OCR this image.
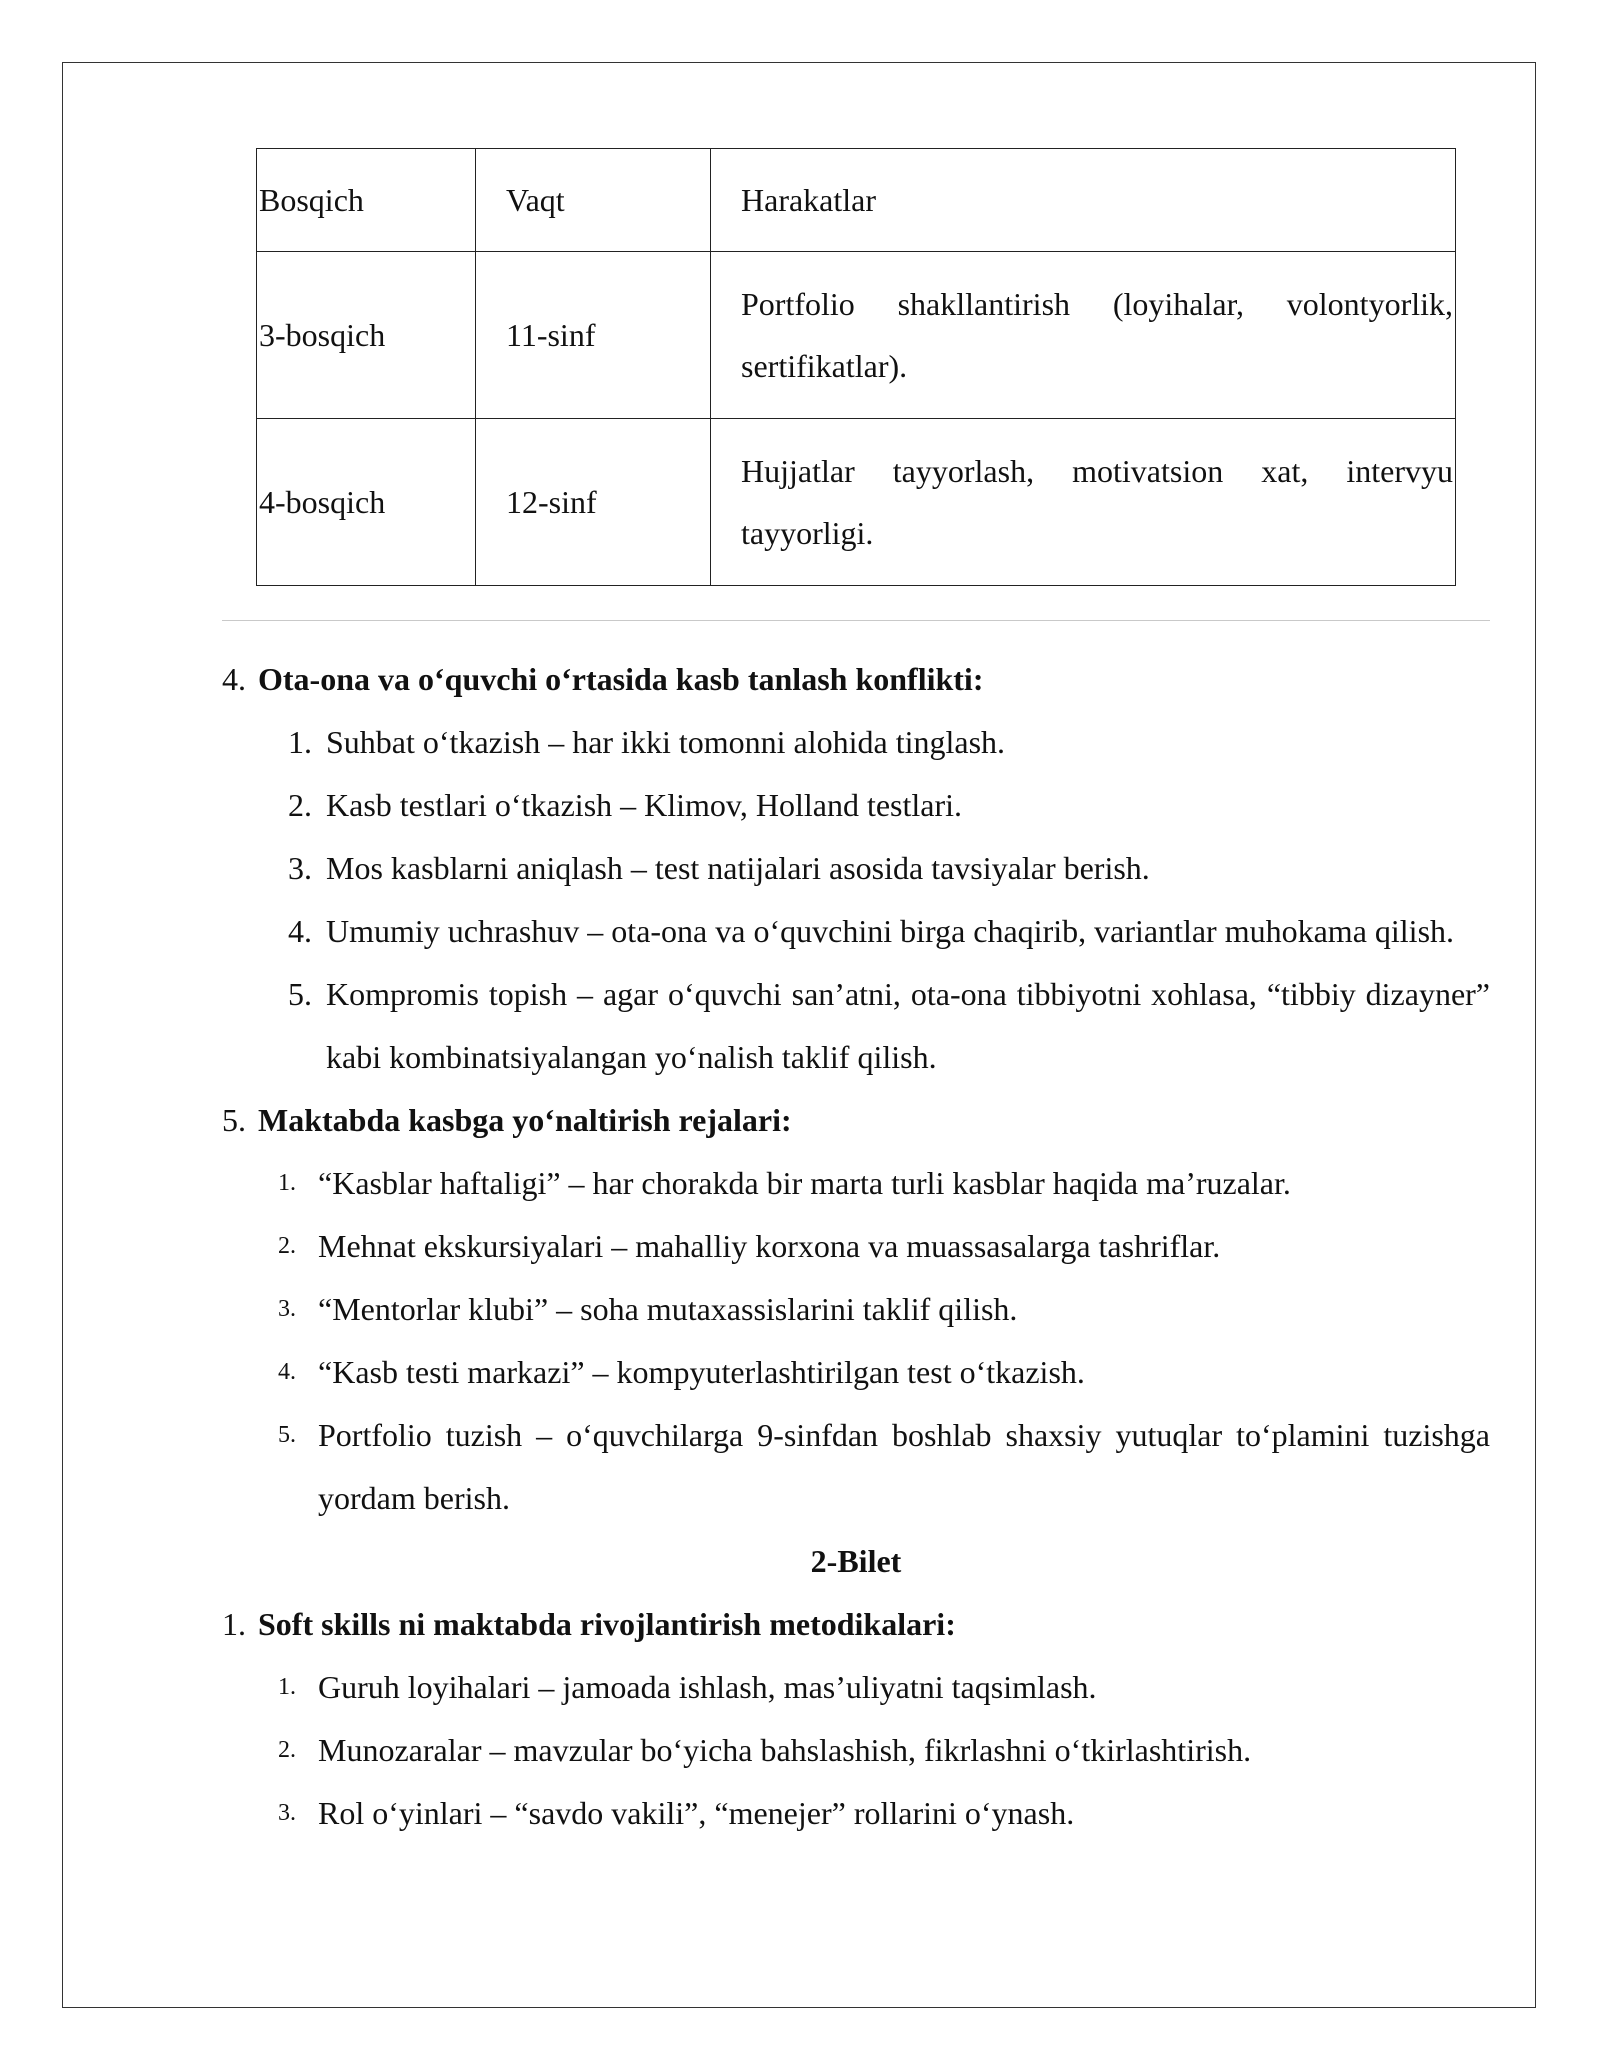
Bosqich	Vaqt	Harakatlar
3-bosqich	11-sinf	Portfolio shakllantirish (loyihalar, volontyorlik, sertifikatlar).
4-bosqich	12-sinf	Hujjatlar tayyorlash, motivatsion xat, intervyu tayyorligi.
4. Ota-ona va o‘quvchi o‘rtasida kasb tanlash konflikti:
1. Suhbat o‘tkazish – har ikki tomonni alohida tinglash.
2. Kasb testlari o‘tkazish – Klimov, Holland testlari.
3. Mos kasblarni aniqlash – test natijalari asosida tavsiyalar berish.
4. Umumiy uchrashuv – ota-ona va o‘quvchini birga chaqirib, variantlar muhokama qilish.
5. Kompromis topish – agar o‘quvchi san’atni, ota-ona tibbiyotni xohlasa, “tibbiy dizayner” kabi kombinatsiyalangan yo‘nalish taklif qilish.
5. Maktabda kasbga yo‘naltirish rejalari:
1. “Kasblar haftaligi” – har chorakda bir marta turli kasblar haqida ma’ruzalar.
2. Mehnat ekskursiyalari – mahalliy korxona va muassasalarga tashriflar.
3. “Mentorlar klubi” – soha mutaxassislarini taklif qilish.
4. “Kasb testi markazi” – kompyuterlashtirilgan test o‘tkazish.
5. Portfolio tuzish – o‘quvchilarga 9-sinfdan boshlab shaxsiy yutuqlar to‘plamini tuzishga yordam berish.
2-Bilet
1. Soft skills ni maktabda rivojlantirish metodikalari:
1. Guruh loyihalari – jamoada ishlash, mas’uliyatni taqsimlash.
2. Munozaralar – mavzular bo‘yicha bahslashish, fikrlashni o‘tkirlashtirish.
3. Rol o‘yinlari – “savdo vakili”, “menejer” rollarini o‘ynash.
